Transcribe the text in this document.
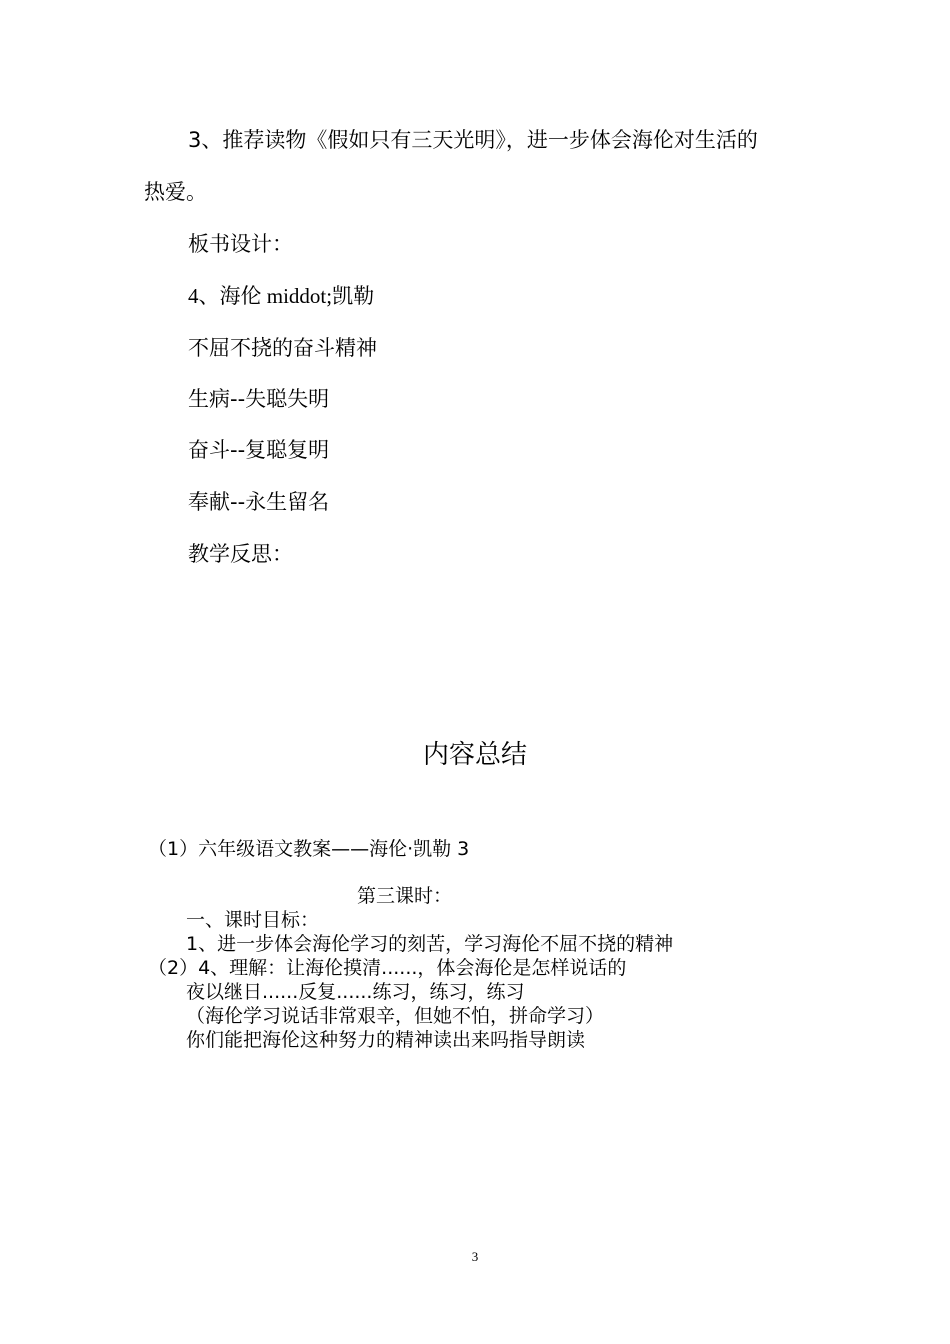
3、推荐读物《假如只有三天光明》，进一步体会海伦对生活的
热爱。
板书设计：
4、海伦 middot;凯勒
不屈不挠的奋斗精神
生病--失聪失明
奋斗--复聪复明
奉献--永生留名
教学反思：
内容总结
（1）六年级语文教案——海伦·凯勒 3
第三课时：
一、课时目标：
1、进一步体会海伦学习的刻苦，学习海伦不屈不挠的精神
（2）4、理解：让海伦摸清......，体会海伦是怎样说话的
夜以继日......反复......练习，练习，练习
（海伦学习说话非常艰辛，但她不怕，拼命学习）
你们能把海伦这种努力的精神读出来吗指导朗读
3
